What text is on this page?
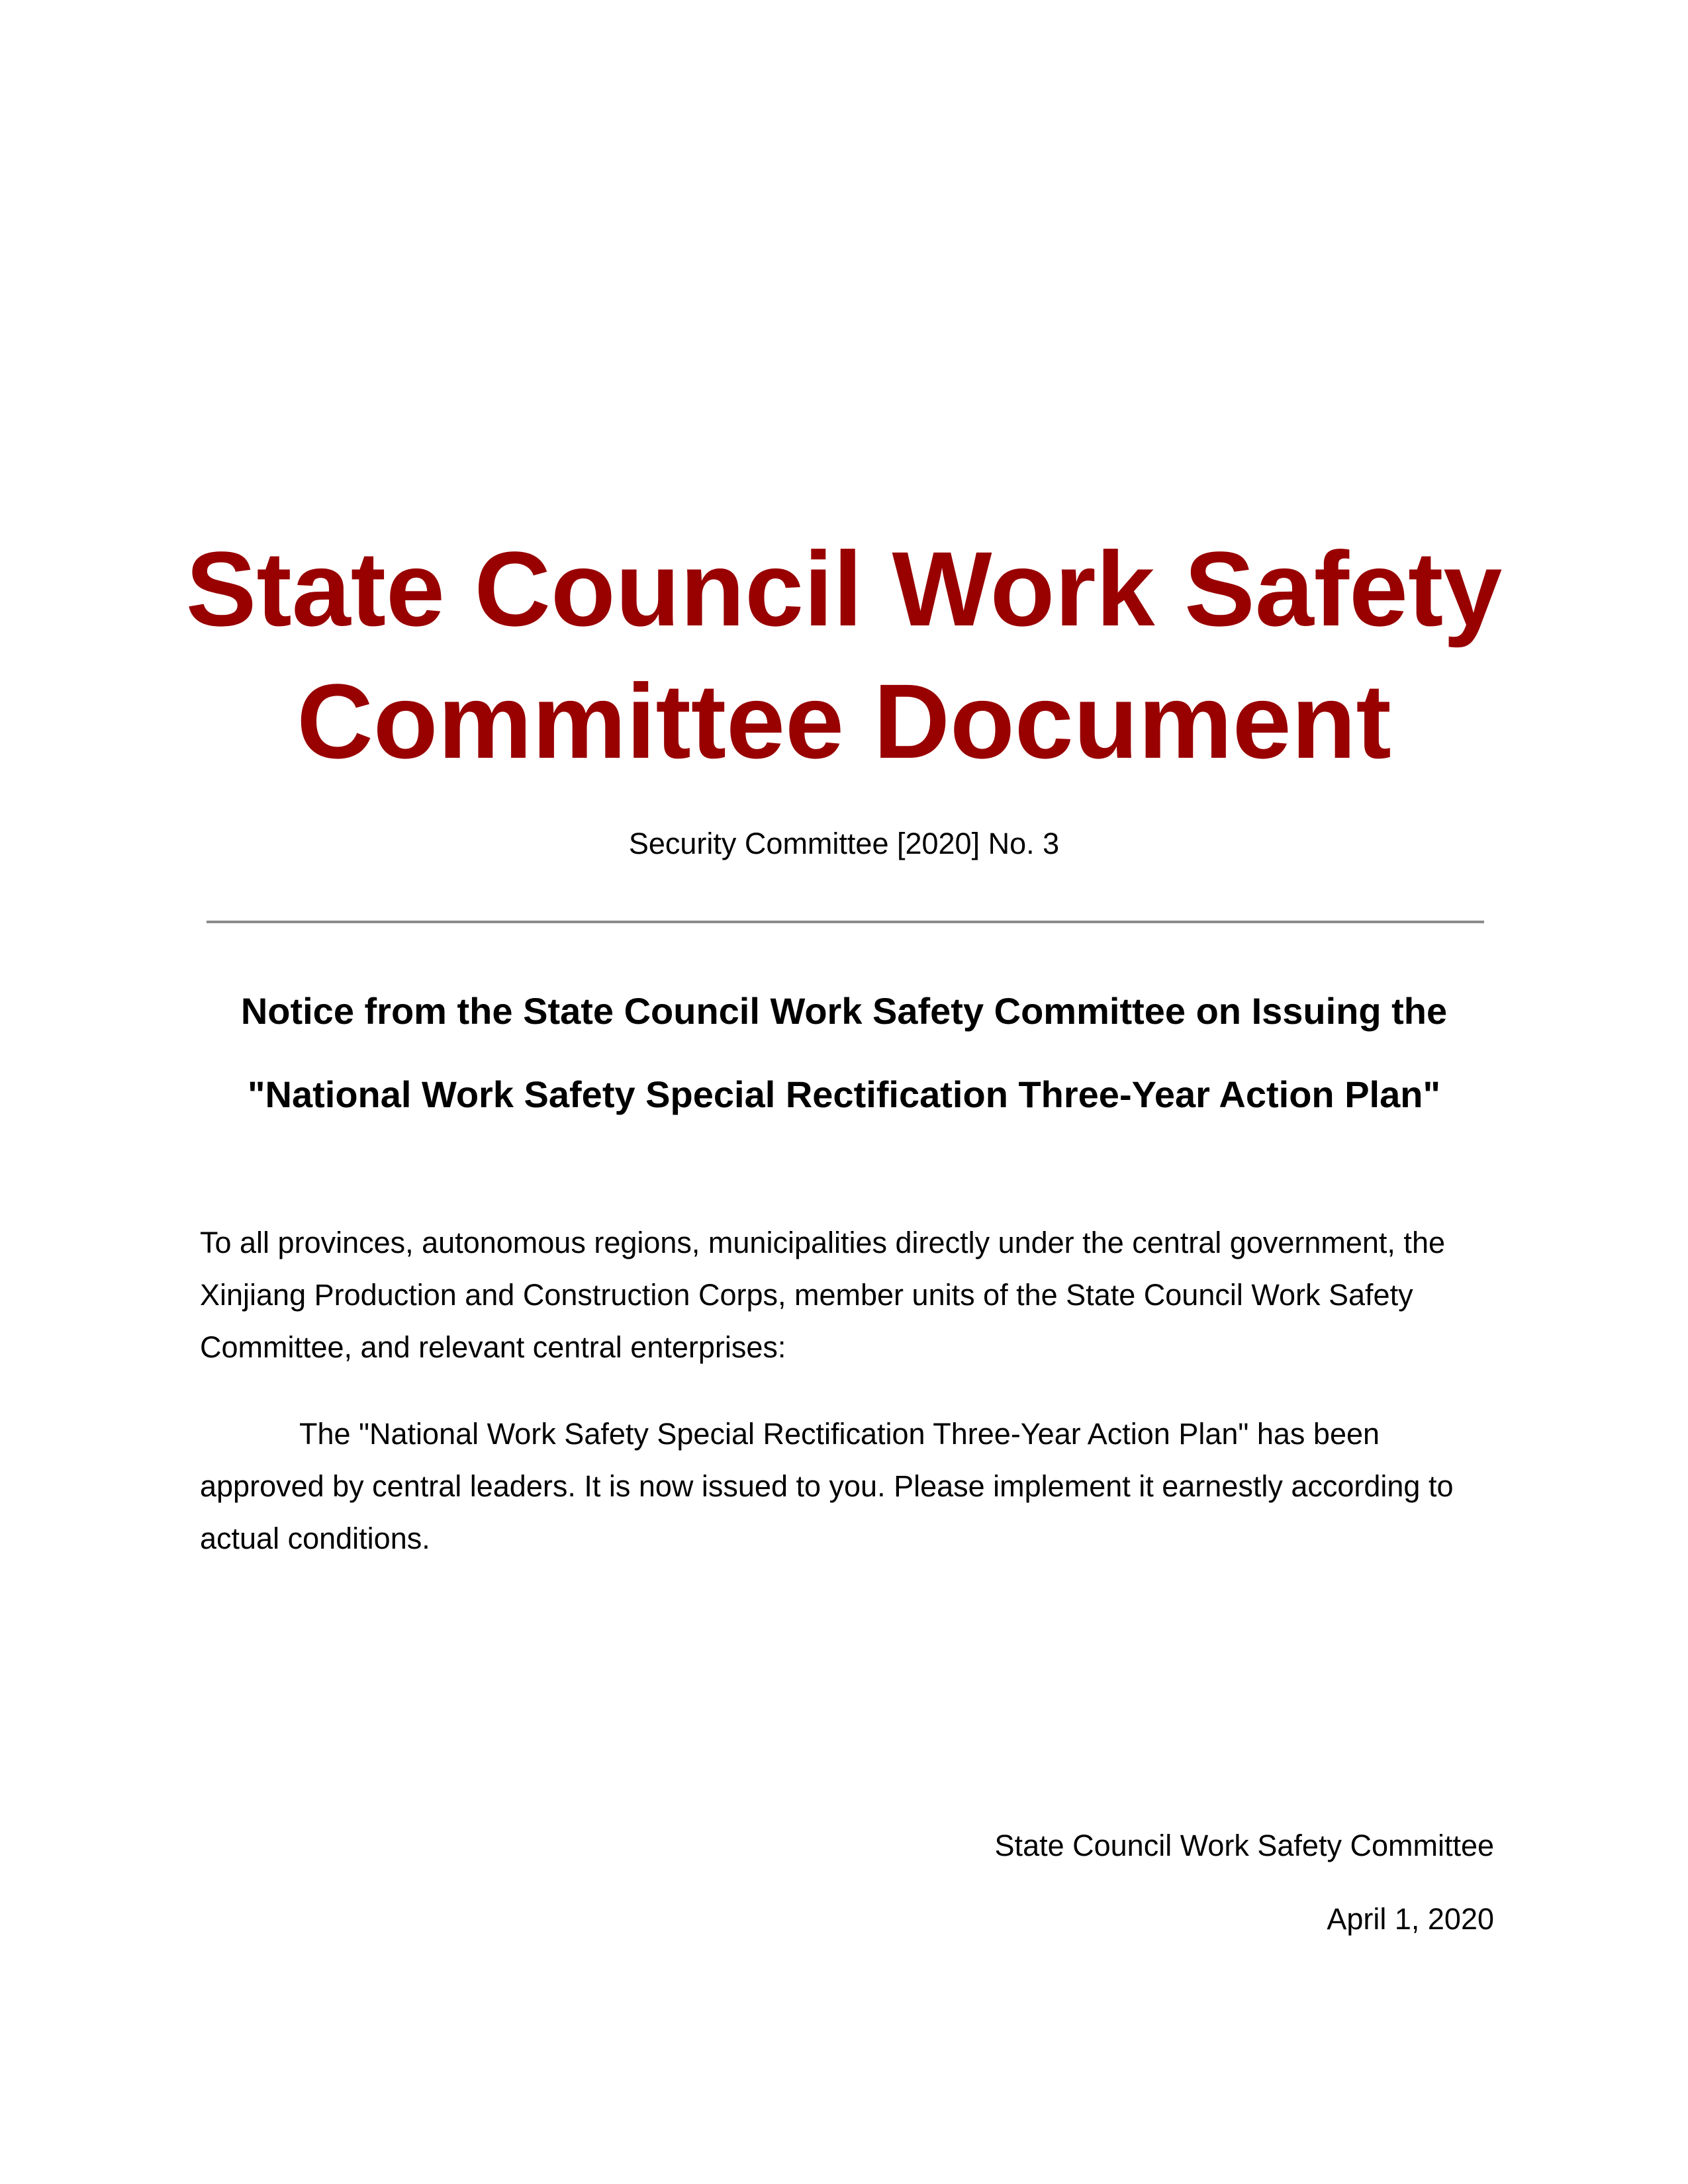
State Council Work Safety Committee Document
Security Committee [2020] No. 3
Notice from the State Council Work Safety Committee on Issuing the
"National Work Safety Special Rectification Three-Year Action Plan"

To all provinces, autonomous regions, municipalities directly under the central government, the Xinjiang Production and Construction Corps, member units of the State Council Work Safety Committee, and relevant central enterprises:

The "National Work Safety Special Rectification Three-Year Action Plan" has been approved by central leaders. It is now issued to you. Please implement it earnestly according to actual conditions.

State Council Work Safety Committee
April 1, 2020
